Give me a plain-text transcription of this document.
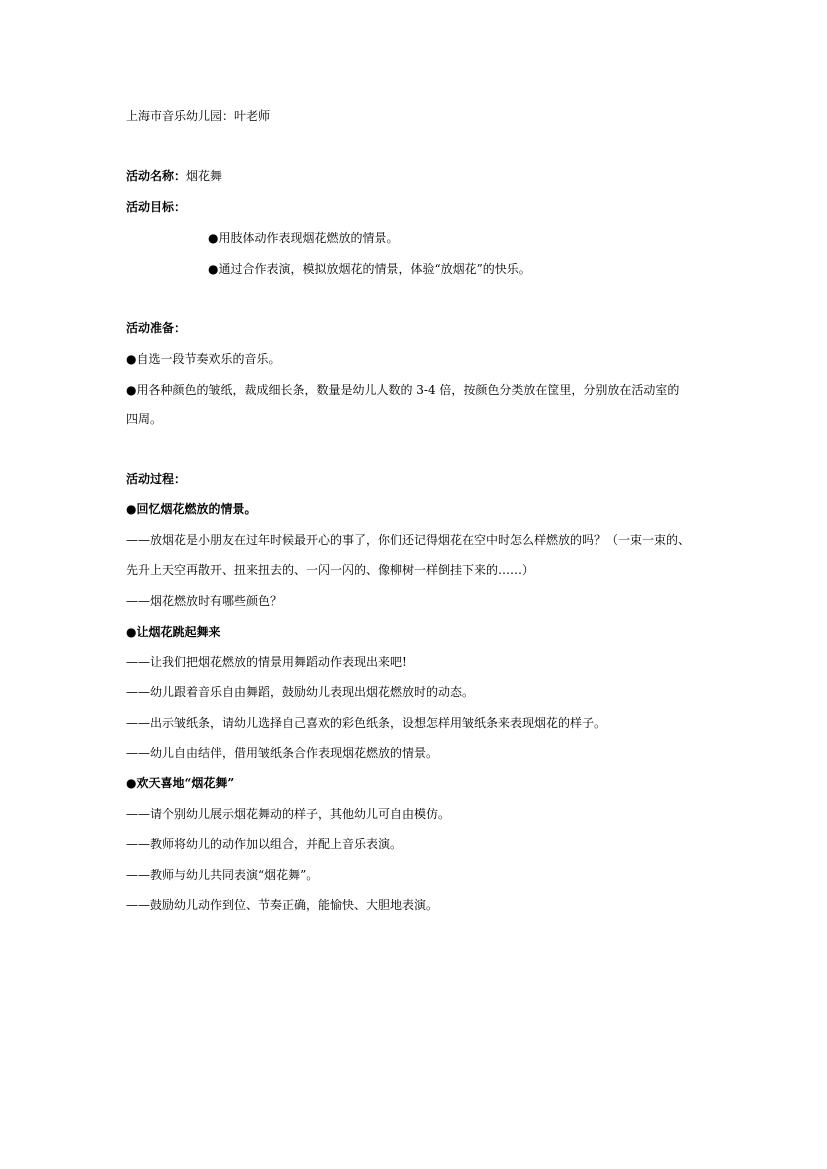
上海市音乐幼儿园：叶老师
活动名称：烟花舞
活动目标：
●用肢体动作表现烟花燃放的情景。
●通过合作表演，模拟放烟花的情景，体验“放烟花”的快乐。
活动准备：
●自选一段节奏欢乐的音乐。
●用各种颜色的皱纸，裁成细长条，数量是幼儿人数的 3-4 倍，按颜色分类放在筐里，分别放在活动室的
四周。
活动过程：
●回忆烟花燃放的情景。
——放烟花是小朋友在过年时候最开心的事了，你们还记得烟花在空中时怎么样燃放的吗？（一束一束的、
先升上天空再散开、扭来扭去的、一闪一闪的、像柳树一样倒挂下来的……）
——烟花燃放时有哪些颜色？
●让烟花跳起舞来
——让我们把烟花燃放的情景用舞蹈动作表现出来吧!
——幼儿跟着音乐自由舞蹈，鼓励幼儿表现出烟花燃放时的动态。
——出示皱纸条，请幼儿选择自己喜欢的彩色纸条，设想怎样用皱纸条来表现烟花的样子。
——幼儿自由结伴，借用皱纸条合作表现烟花燃放的情景。
●欢天喜地“烟花舞”
——请个别幼儿展示烟花舞动的样子，其他幼儿可自由模仿。
——教师将幼儿的动作加以组合，并配上音乐表演。
——教师与幼儿共同表演“烟花舞”。
——鼓励幼儿动作到位、节奏正确，能愉快、大胆地表演。
